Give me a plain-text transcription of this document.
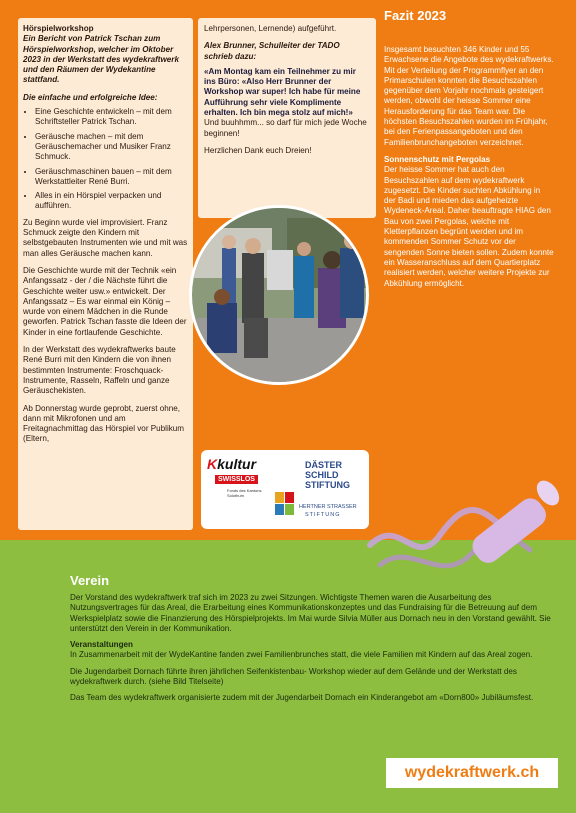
Hörspielworkshop

Ein Bericht von Patrick Tschan zum Hörspielworkshop, welcher im Oktober 2023 in der Werkstatt des wydekraftwerk und den Räumen der Wydekantine stattfand.

Die einfache und erfolgreiche Idee:

• Eine Geschichte entwickeln – mit dem Schriftsteller Patrick Tschan.
• Geräusche machen – mit dem Geräuschemacher und Musiker Franz Schmuck.
• Geräuschmaschinen bauen – mit dem Werkstattleiter René Burri.
• Alles in ein Hörspiel verpacken und aufführen.

Zu Beginn wurde viel improvisiert. Franz Schmuck zeigte den Kindern mit selbstgebauten Instrumenten wie und mit was man alles Geräusche machen kann.

Die Geschichte wurde mit der Technik «ein Anfangssatz - der / die Nächste führt die Geschichte weiter usw.» entwickelt. Der Anfangssatz – Es war einmal ein König – wurde von einem Mädchen in die Runde geworfen. Patrick Tschan fasste die Ideen der Kinder in eine fortlaufende Geschichte.

In der Werkstatt des wydekraftwerks baute René Burri mit den Kindern die von ihnen bestimmten Instrumente: Froschquack-Instrumente, Rasseln, Raffeln und ganze Geräuschekisten.

Ab Donnerstag wurde geprobt, zuerst ohne, dann mit Mikrofonen und am Freitagnachmittag das Hörspiel vor Publikum (Eltern,

Lehrpersonen, Lernende) aufgeführt.

Alex Brunner, Schulleiter der TADO schrieb dazu:

«Am Montag kam ein Teilnehmer zu mir ins Büro: «Also Herr Brunner der Workshop war super! Ich habe für meine Aufführung sehr viele Komplimente erhalten. Ich bin mega stolz auf mich!»

Und buuhhmm... so darf für mich jede Woche beginnen!

Herzlichen Dank euch Dreien!

Kkultur
SWISSLOS
Fonds des Kantons Solothurn
DÄSTER
SCHILD
STIFTUNG
HERTNER STRASSER
STIFTUNG
Fazit 2023

Insgesamt besuchten 346 Kinder und 55 Erwachsene die Angebote des wydekraftwerks. Mit der Verteilung der Programmflyer an den Primarschulen konnten die Besuchszahlen gegenüber dem Vorjahr nochmals gesteigert werden, obwohl der heisse Sommer eine Herausforderung für das Team war. Die höchsten Besuchszahlen wurden im Frühjahr, bei den Ferienpassangeboten und den Familienbrunchangeboten verzeichnet.

Sonnenschutz mit Pergolas

Der heisse Sommer hat auch den Besuchszahlen auf dem wydekraftwerk zugesetzt. Die Kinder suchten Abkühlung in der Badi und mieden das aufgeheizte Wydeneck-Areal. Daher beauftragte HIAG den Bau von zwei Pergolas, welche mit Kletterpflanzen begrünt werden und im kommenden Sommer Schutz vor der sengenden Sonne bieten sollen. Zudem konnte ein Wasseranschluss auf dem Quartierplatz realisiert werden, welcher weitere Projekte zur Abkühlung ermöglicht.

Verein

Der Vorstand des wydekraftwerk traf sich im 2023 zu zwei Sitzungen. Wichtigste Themen waren die Ausarbeitung des Nutzungsvertrages für das Areal, die Erarbeitung eines Kommunikationskonzeptes und das Fundraising für die Betreuung auf dem Werkspielplatz sowie die Finanzierung des Hörspielprojekts. Im Mai wurde Silvia Müller aus Dornach neu in den Vorstand gewählt. Sie unterstützt den Verein in der Kommunikation.

Veranstaltungen

In Zusammenarbeit mit der WydeKantine fanden zwei Familienbrunches statt, die viele Familien mit Kindern auf das Areal zogen.

Die Jugendarbeit Dornach führte ihren jährlichen Seifenkistenbau- Workshop wieder auf dem Gelände und der Werkstatt des wydekraftwerk durch. (siehe Bild Titelseite)

Das Team des wydekraftwerk organisierte zudem mit der Jugendarbeit Dornach ein Kinderangebot am «Dorn800» Jubiläumsfest.

wydekraftwerk.ch
